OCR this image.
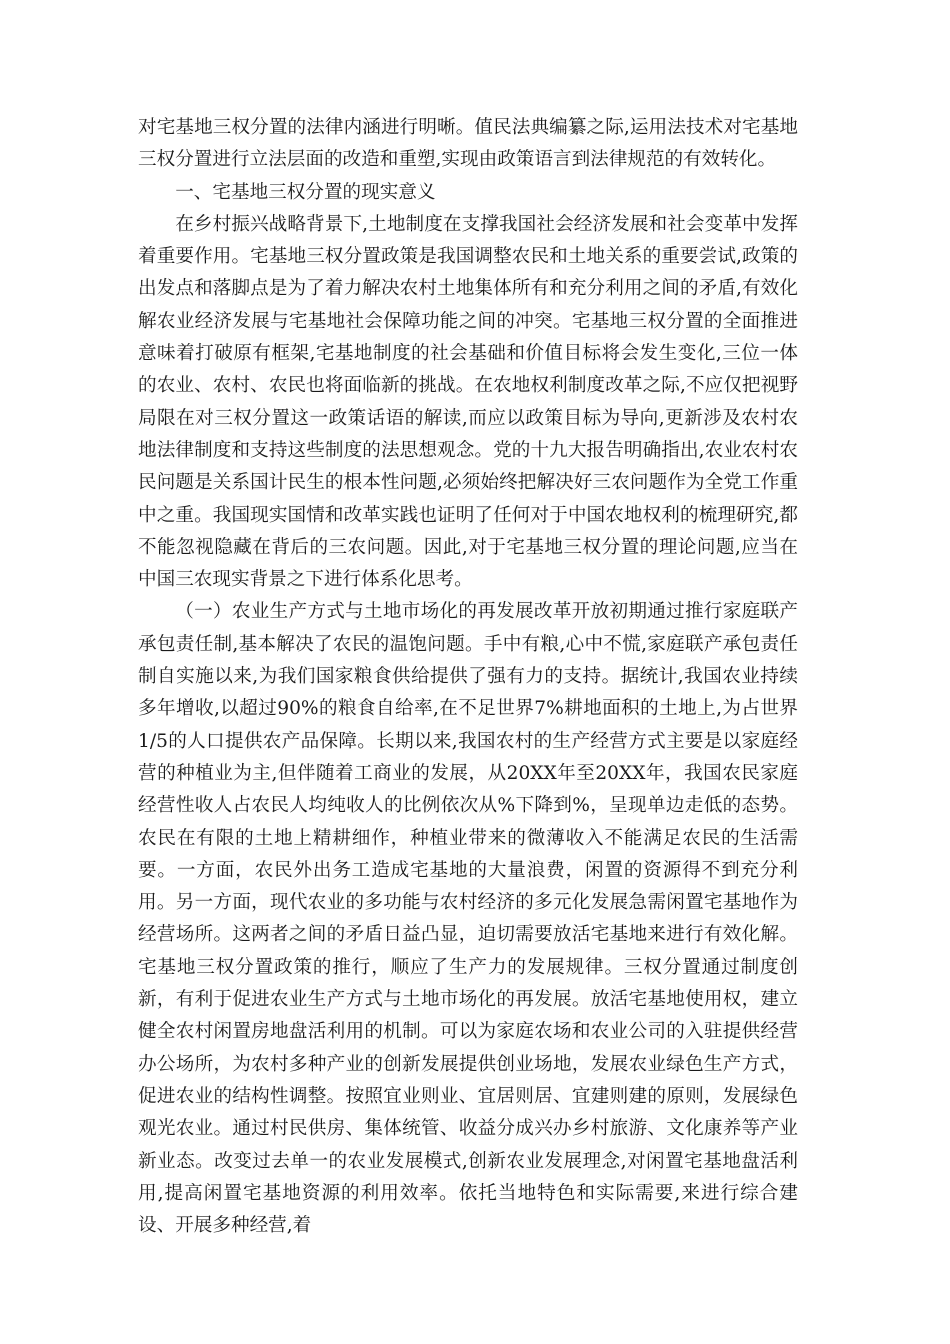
对宅基地三权分置的法律内涵进行明晰。值民法典编纂之际,运用法技术对宅基地三权分置进行立法层面的改造和重塑,实现由政策语言到法律规范的有效转化。

一、宅基地三权分置的现实意义

在乡村振兴战略背景下,土地制度在支撑我国社会经济发展和社会变革中发挥着重要作用。宅基地三权分置政策是我国调整农民和土地关系的重要尝试,政策的出发点和落脚点是为了着力解决农村土地集体所有和充分利用之间的矛盾,有效化解农业经济发展与宅基地社会保障功能之间的冲突。宅基地三权分置的全面推进意味着打破原有框架,宅基地制度的社会基础和价值目标将会发生变化,三位一体的农业、农村、农民也将面临新的挑战。在农地权利制度改革之际,不应仅把视野局限在对三权分置这一政策话语的解读,而应以政策目标为导向,更新涉及农村农地法律制度和支持这些制度的法思想观念。党的十九大报告明确指出,农业农村农民问题是关系国计民生的根本性问题,必须始终把解决好三农问题作为全党工作重中之重。我国现实国情和改革实践也证明了任何对于中国农地权利的梳理研究,都不能忽视隐藏在背后的三农问题。因此,对于宅基地三权分置的理论问题,应当在中国三农现实背景之下进行体系化思考。

（一）农业生产方式与土地市场化的再发展改革开放初期通过推行家庭联产承包责任制,基本解决了农民的温饱问题。手中有粮,心中不慌,家庭联产承包责任制自实施以来,为我们国家粮食供给提供了强有力的支持。据统计,我国农业持续多年增收,以超过90%的粮食自给率,在不足世界7%耕地面积的土地上,为占世界1/5的人口提供农产品保障。长期以来,我国农村的生产经营方式主要是以家庭经营的种植业为主,但伴随着工商业的发展，从20XX年至20XX年，我国农民家庭经营性收人占农民人均纯收人的比例依次从%下降到%，呈现单边走低的态势。农民在有限的土地上精耕细作，种植业带来的微薄收入不能满足农民的生活需要。一方面，农民外出务工造成宅基地的大量浪费，闲置的资源得不到充分利用。另一方面，现代农业的多功能与农村经济的多元化发展急需闲置宅基地作为经营场所。这两者之间的矛盾日益凸显，迫切需要放活宅基地来进行有效化解。宅基地三权分置政策的推行，顺应了生产力的发展规律。三权分置通过制度创新，有利于促进农业生产方式与土地市场化的再发展。放活宅基地使用权，建立健全农村闲置房地盘活利用的机制。可以为家庭农场和农业公司的入驻提供经营办公场所，为农村多种产业的创新发展提供创业场地，发展农业绿色生产方式，促进农业的结构性调整。按照宜业则业、宜居则居、宜建则建的原则，发展绿色观光农业。通过村民供房、集体统管、收益分成兴办乡村旅游、文化康养等产业新业态。改变过去单一的农业发展模式,创新农业发展理念,对闲置宅基地盘活利用,提高闲置宅基地资源的利用效率。依托当地特色和实际需要,来进行综合建设、开展多种经营,着
